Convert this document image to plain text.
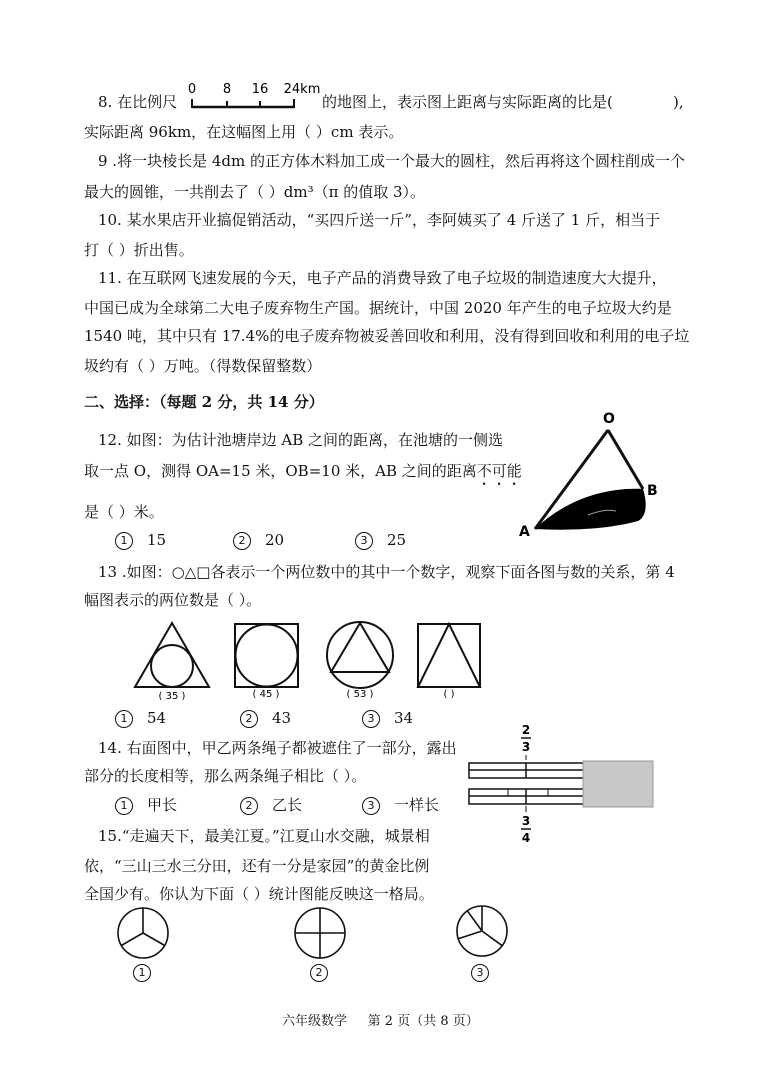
8. 在比例尺
0 8 16 24km
的地图上，表示图上距离与实际距离的比是(	),
实际距离 96km，在这幅图上用（ ）cm 表示。
9 .将一块棱长是 4dm 的正方体木料加工成一个最大的圆柱，然后再将这个圆柱削成一个
最大的圆锥，一共削去了（ ）dm³（π 的值取 3）。
10. 某水果店开业搞促销活动，“买四斤送一斤”，李阿姨买了 4 斤送了 1 斤，相当于
打（ ）折出售。
11. 在互联网飞速发展的今天，电子产品的消费导致了电子垃圾的制造速度大大提升，
中国已成为全球第二大电子废弃物生产国。据统计，中国 2020 年产生的电子垃圾大约是
1540 吨，其中只有 17.4%的电子废弃物被妥善回收和利用，没有得到回收和利用的电子垃
圾约有（ ）万吨。（得数保留整数）
二、选择：（每题 2 分，共 14 分）
12. 如图：为估计池塘岸边 AB 之间的距离，在池塘的一侧选
取一点 O，测得 OA=15 米，OB=10 米，AB 之间的距离不可能
是（ ）米。
1 15	2 20	3 25
O
A
B
13 .如图：○△□各表示一个两位数中的其中一个数字，观察下面各图与数的关系，第 4
幅图表示的两位数是（ ）。
( 35 )	( 45 )	( 53 )	( )
1 54	2 43	3 34
14. 右面图中，甲乙两条绳子都被遮住了一部分，露出
部分的长度相等，那么两条绳子相比（ ）。
1 甲长	2 乙长	3 一样长
2
3
3
4
15.“走遍天下，最美江夏。”江夏山水交融，城景相
依，“三山三水三分田，还有一分是家园”的黄金比例
全国少有。你认为下面（ ）统计图能反映这一格局。
1	2	3
六年级数学     第 2 页（共 8 页）
